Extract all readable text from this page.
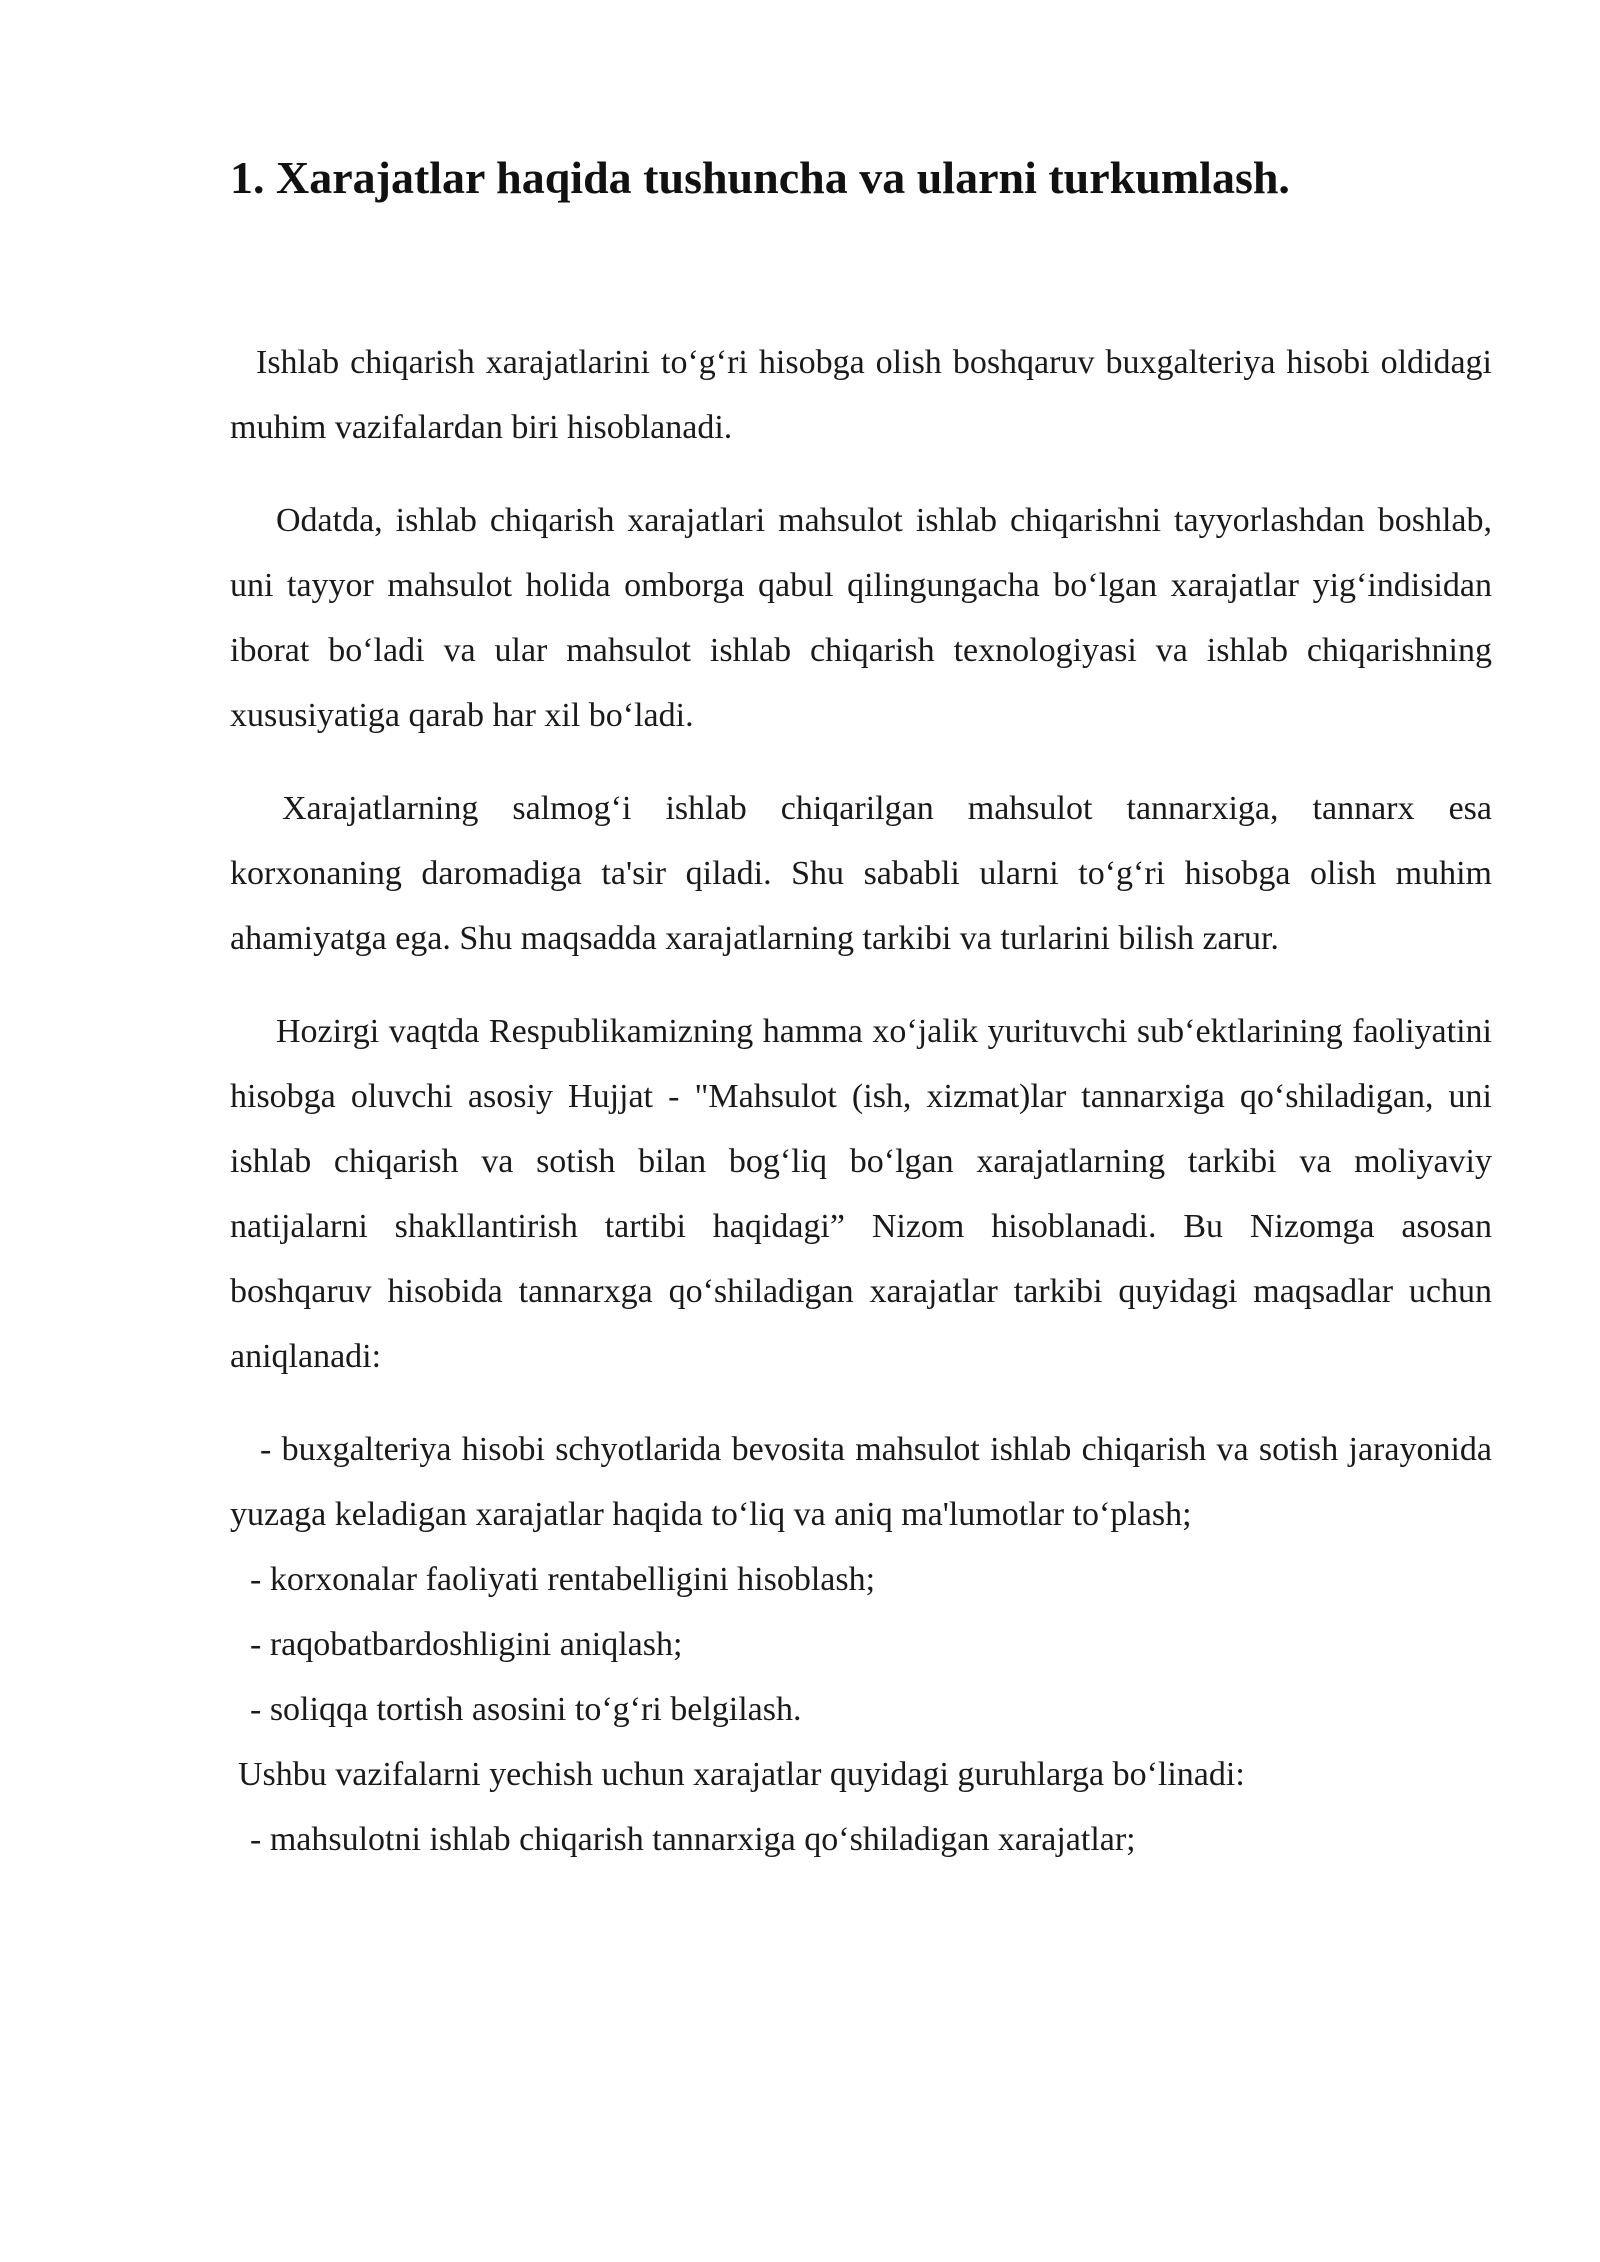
1. Xarajatlar haqida tushuncha va ularni turkumlash.

Ishlab chiqarish xarajatlarini to‘g‘ri hisobga olish boshqaruv buxgalteriya hisobi oldidagi muhim vazifalardan biri hisoblanadi.

Odatda, ishlab chiqarish xarajatlari mahsulot ishlab chiqarishni tayyorlashdan boshlab, uni tayyor mahsulot holida omborga qabul qilingungacha bo‘lgan xarajatlar yig‘indisidan iborat bo‘ladi va ular mahsulot ishlab chiqarish texnologiyasi va ishlab chiqarishning xususiyatiga qarab har xil bo‘ladi.

Xarajatlarning salmog‘i ishlab chiqarilgan mahsulot tannarxiga, tannarx esa korxonaning daromadiga ta'sir qiladi. Shu sababli ularni to‘g‘ri hisobga olish muhim ahamiyatga ega. Shu maqsadda xarajatlarning tarkibi va turlarini bilish zarur.

Hozirgi vaqtda Respublikamizning hamma xo‘jalik yurituvchi sub‘ektlarining faoliyatini hisobga oluvchi asosiy Hujjat - "Mahsulot (ish, xizmat)lar tannarxiga qo‘shiladigan, uni ishlab chiqarish va sotish bilan bog‘liq bo‘lgan xarajatlarning tarkibi va moliyaviy natijalarni shakllantirish tartibi haqidagi” Nizom hisoblanadi. Bu Nizomga asosan boshqaruv hisobida tannarxga qo‘shiladigan xarajatlar tarkibi quyidagi maqsadlar uchun aniqlanadi:

- buxgalteriya hisobi schyotlarida bevosita mahsulot ishlab chiqarish va sotish jarayonida yuzaga keladigan xarajatlar haqida to‘liq va aniq ma'lumotlar to‘plash;

- korxonalar faoliyati rentabelligini hisoblash;

- raqobatbardoshligini aniqlash;

- soliqqa tortish asosini to‘g‘ri belgilash.

Ushbu vazifalarni yechish uchun xarajatlar quyidagi guruhlarga bo‘linadi:

- mahsulotni ishlab chiqarish tannarxiga qo‘shiladigan xarajatlar;
